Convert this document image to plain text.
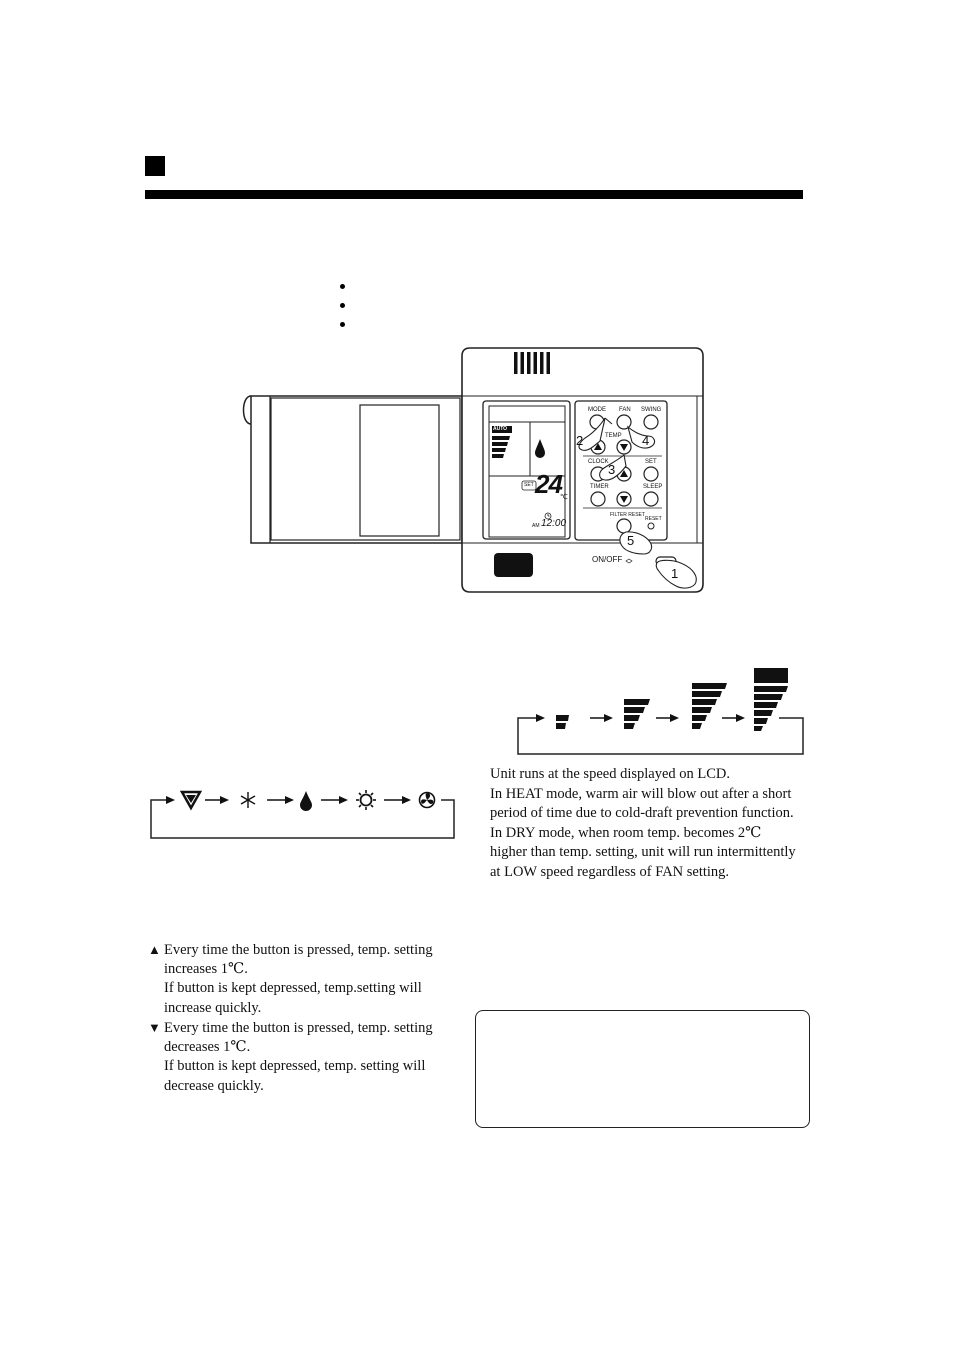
MODE FAN SWING
TEMP
CLOCK	SET
TIMER	SLEEP
FILTER RESET
RESET
ON/OFF
AUTO
SET 24
℃
AM 12:00
2	4
3
5
1
Unit runs at the speed displayed on LCD.
In HEAT mode, warm air will blow out after a short
period of time due to cold-draft prevention function.
In DRY mode, when room temp. becomes 2℃
higher than temp. setting, unit will run intermittently
at LOW speed regardless of FAN setting.
▲ Every time the button is pressed, temp. setting
increases 1℃.
If button is kept depressed, temp.setting will
increase quickly.
▼ Every time the button is pressed, temp. setting
decreases 1℃.
If button is kept depressed, temp. setting will
decrease quickly.
